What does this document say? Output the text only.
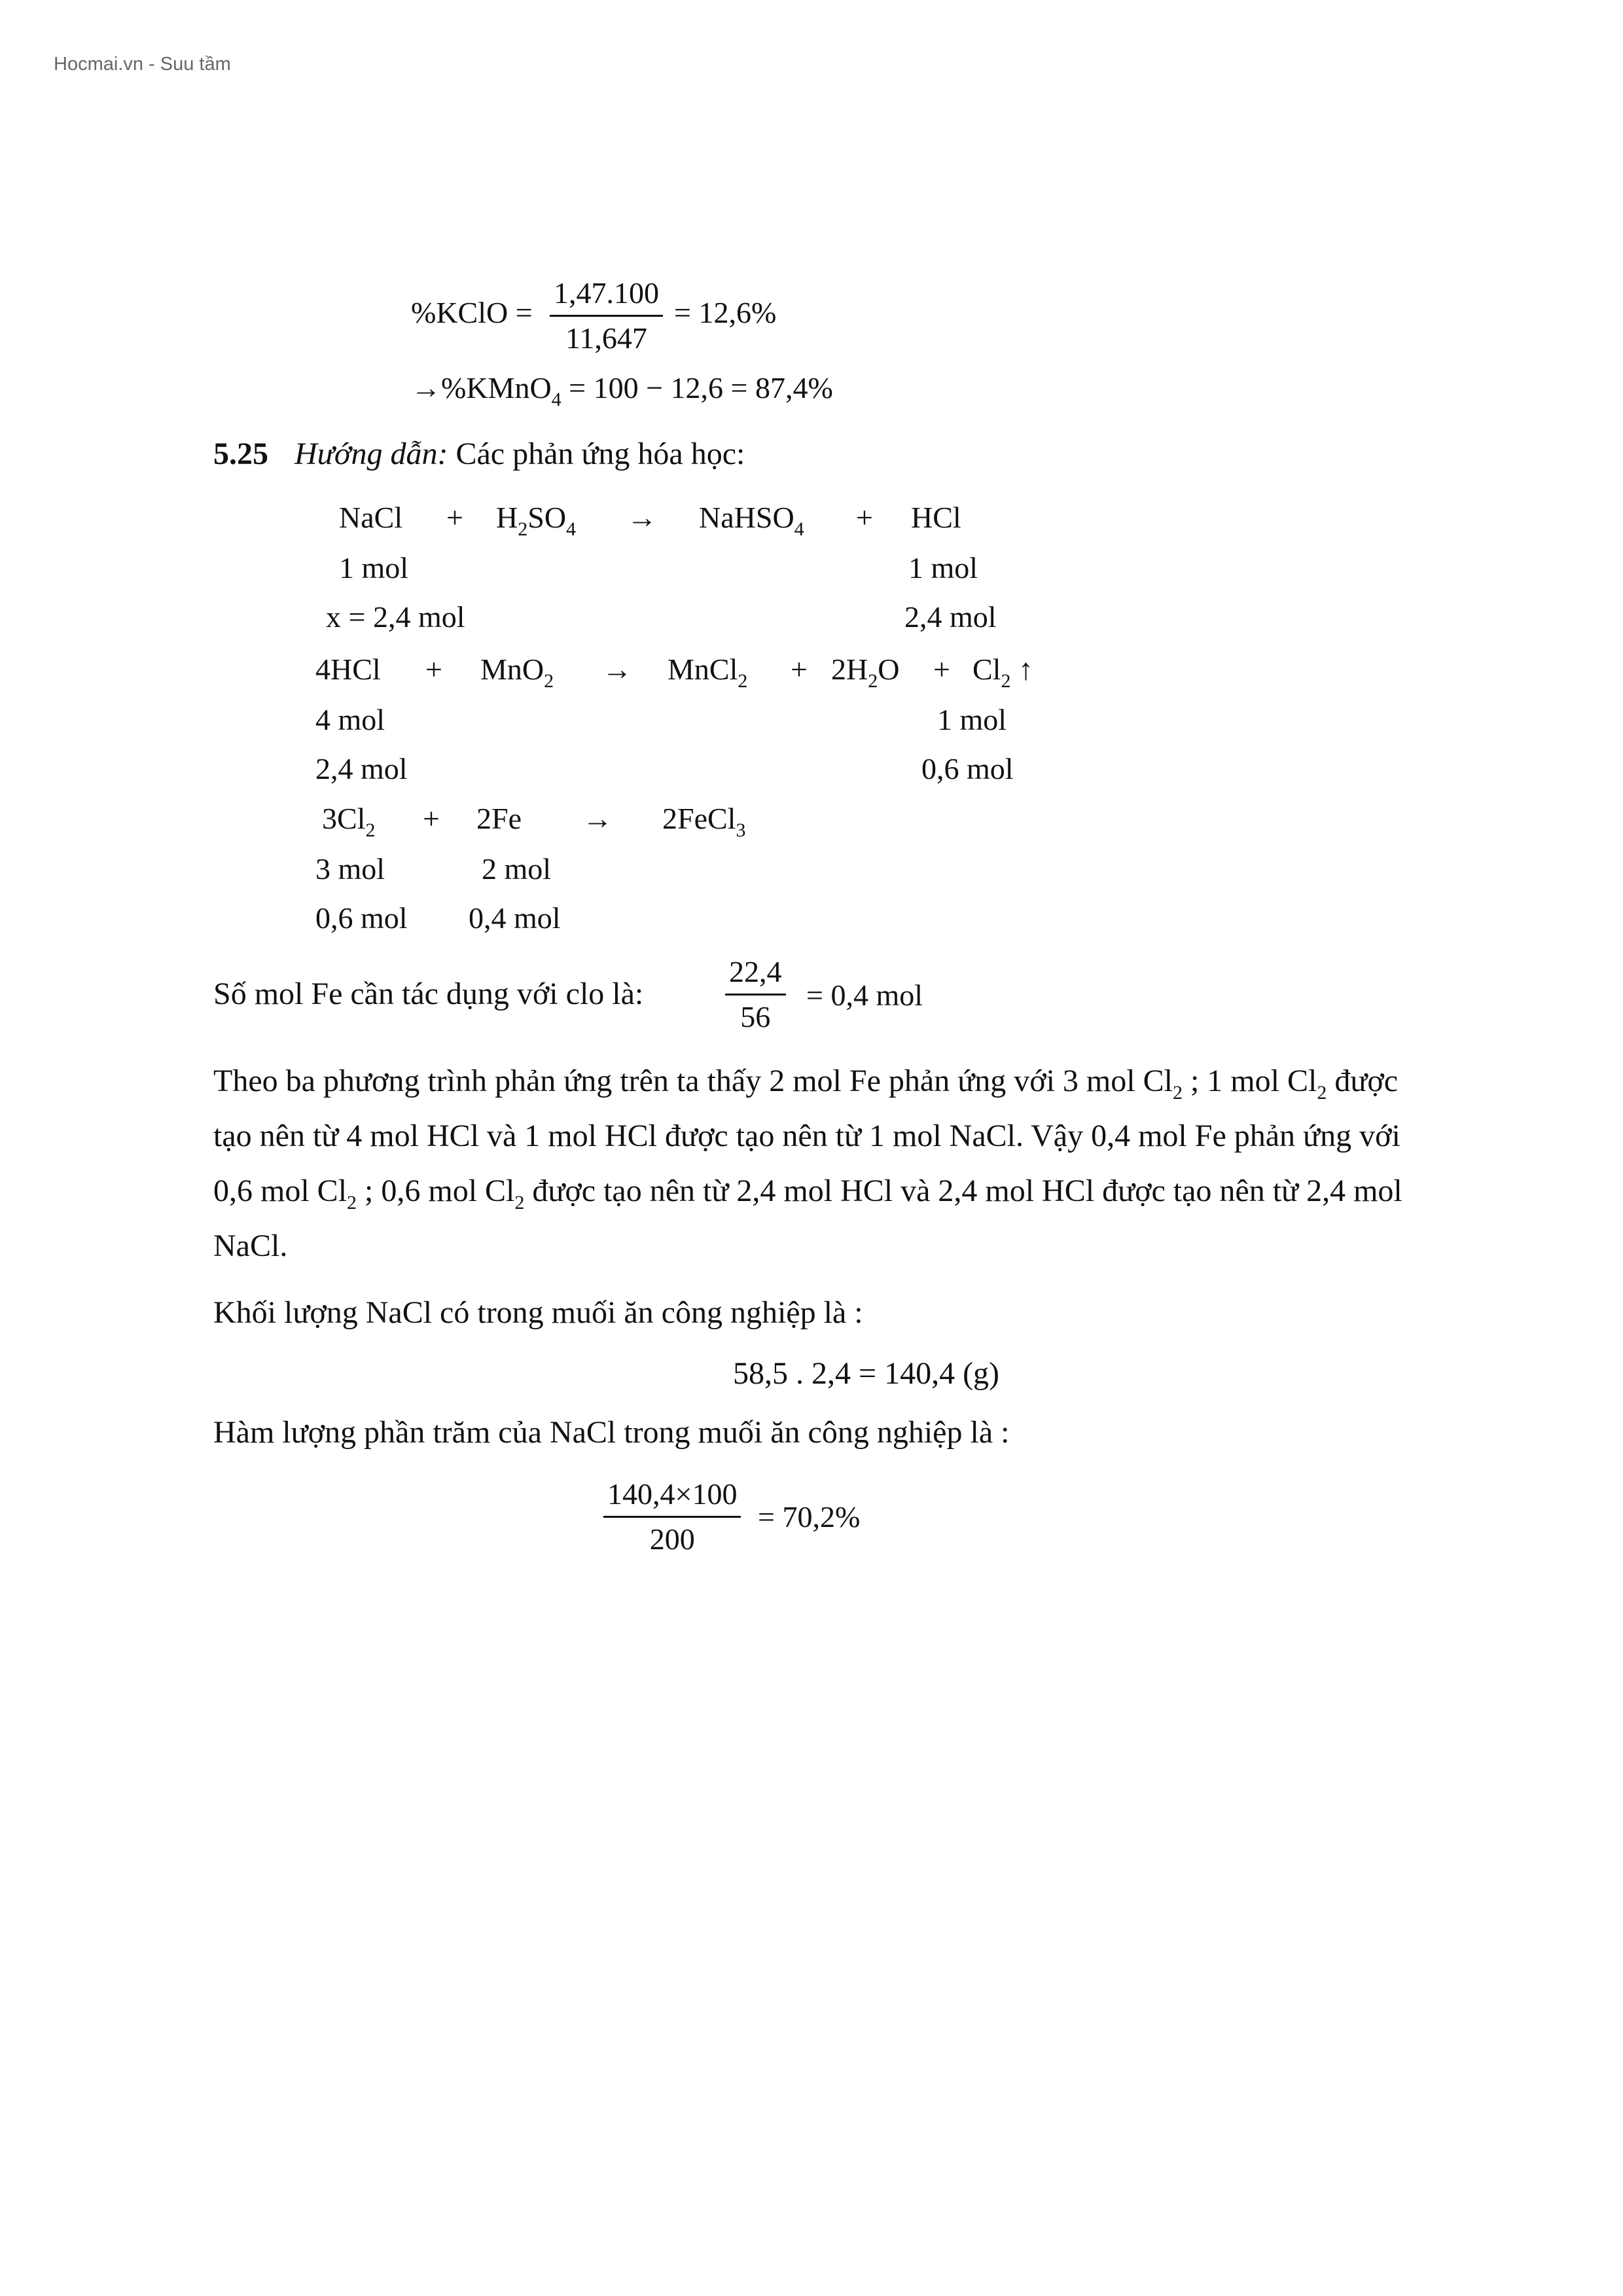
Hocmai.vn - Suu tầm
%KClO =
1,47.100
11,647
= 12,6%
→%KMnO$_4$ = 100 − 12,6 = 87,4%
5.25 Hướng dẫn: Các phản ứng hóa học:
NaCl + $H_2SO_4$ → NaHSO$_4$ + HCl
1 mol	1 mol
x = 2,4 mol	2,4 mol
4HCl + MnO$_2$ → MnCl$_2$ + $2H_2O + Cl_2$ ↑
4 mol	1 mol
2,4 mol	0,6 mol
$3Cl_2 + 2Fe$ → 2FeCl$_3$
3 mol	2 mol
0,6 mol 0,4 mol
Số mol Fe cần tác dụng với clo là:
22,4
56
= 0,4 mol
Theo ba phương trình phản ứng trên ta thấy 2 mol Fe phản ứng với 3 mol $Cl_2$ ; 1 mol $Cl_2$ được
tạo nên từ 4 mol HCl và 1 mol HCl được tạo nên từ 1 mol NaCl. Vậy 0,4 mol Fe phản ứng với
0,6 mol $Cl_2$ ; 0,6 mol $Cl_2$ được tạo nên từ 2,4 mol HCl và 2,4 mol HCl được tạo nên từ 2,4 mol
NaCl.
Khối lượng NaCl có trong muối ăn công nghiệp là :
58,5 . 2,4 = 140,4 (g)
Hàm lượng phần trăm của NaCl trong muối ăn công nghiệp là :
140,4×100
200
= 70,2%
